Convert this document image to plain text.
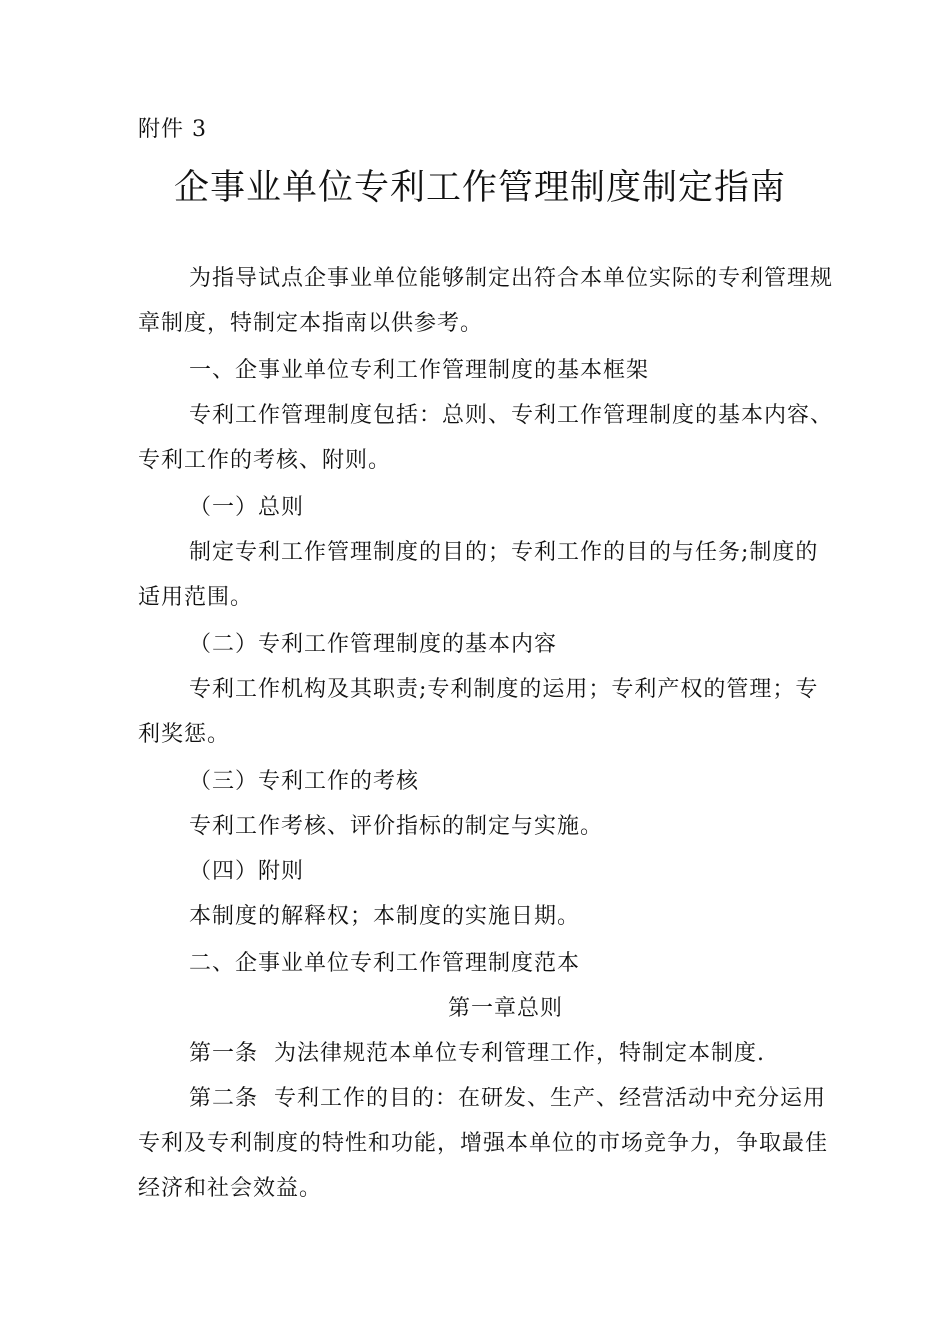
附件 3
企事业单位专利工作管理制度制定指南

为指导试点企事业单位能够制定出符合本单位实际的专利管理规章制度，特制定本指南以供参考。

一、企事业单位专利工作管理制度的基本框架

专利工作管理制度包括：总则、专利工作管理制度的基本内容、专利工作的考核、附则。

（一）总则

制定专利工作管理制度的目的；专利工作的目的与任务;制度的适用范围。

（二）专利工作管理制度的基本内容

专利工作机构及其职责;专利制度的运用；专利产权的管理；专利奖惩。

（三）专利工作的考核

专利工作考核、评价指标的制定与实施。

（四）附则

本制度的解释权；本制度的实施日期。

二、企事业单位专利工作管理制度范本

第一章总则

第一条  为法律规范本单位专利管理工作，特制定本制度.

第二条  专利工作的目的：在研发、生产、经营活动中充分运用专利及专利制度的特性和功能，增强本单位的市场竞争力，争取最佳经济和社会效益。
